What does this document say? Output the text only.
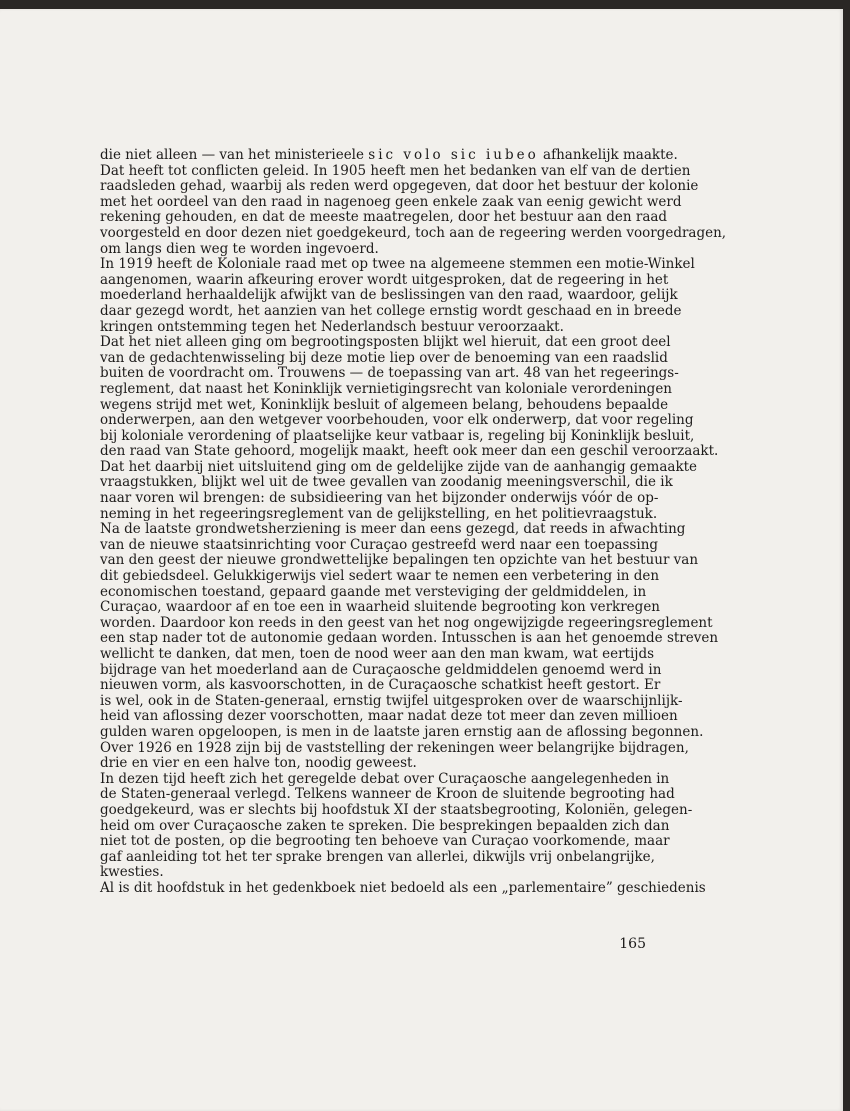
die niet alleen — van het ministerieele sic volo sic iubeo afhankelijk maakte.
Dat heeft tot conflicten geleid. In 1905 heeft men het bedanken van elf van de dertien
raadsleden gehad, waarbij als reden werd opgegeven, dat door het bestuur der kolonie
met het oordeel van den raad in nagenoeg geen enkele zaak van eenig gewicht werd
rekening gehouden, en dat de meeste maatregelen, door het bestuur aan den raad
voorgesteld en door dezen niet goedgekeurd, toch aan de regeering werden voorgedragen,
om langs dien weg te worden ingevoerd.
In 1919 heeft de Koloniale raad met op twee na algemeene stemmen een motie-Winkel
aangenomen, waarin afkeuring erover wordt uitgesproken, dat de regeering in het
moederland herhaaldelijk afwijkt van de beslissingen van den raad, waardoor, gelijk
daar gezegd wordt, het aanzien van het college ernstig wordt geschaad en in breede
kringen ontstemming tegen het Nederlandsch bestuur veroorzaakt.
Dat het niet alleen ging om begrootingsposten blijkt wel hieruit, dat een groot deel
van de gedachtenwisseling bij deze motie liep over de benoeming van een raadslid
buiten de voordracht om. Trouwens — de toepassing van art. 48 van het regeerings-
reglement, dat naast het Koninklijk vernietigingsrecht van koloniale verordeningen
wegens strijd met wet, Koninklijk besluit of algemeen belang, behoudens bepaalde
onderwerpen, aan den wetgever voorbehouden, voor elk onderwerp, dat voor regeling
bij koloniale verordening of plaatselijke keur vatbaar is, regeling bij Koninklijk besluit,
den raad van State gehoord, mogelijk maakt, heeft ook meer dan een geschil veroorzaakt.
Dat het daarbij niet uitsluitend ging om de geldelijke zijde van de aanhangig gemaakte
vraagstukken, blijkt wel uit de twee gevallen van zoodanig meeningsverschil, die ik
naar voren wil brengen: de subsidieering van het bijzonder onderwijs vóór de op-
neming in het regeeringsreglement van de gelijkstelling, en het politievraagstuk.
Na de laatste grondwetsherziening is meer dan eens gezegd, dat reeds in afwachting
van de nieuwe staatsinrichting voor Curaçao gestreefd werd naar een toepassing
van den geest der nieuwe grondwettelijke bepalingen ten opzichte van het bestuur van
dit gebiedsdeel. Gelukkigerwijs viel sedert waar te nemen een verbetering in den
economischen toestand, gepaard gaande met versteviging der geldmiddelen, in
Curaçao, waardoor af en toe een in waarheid sluitende begrooting kon verkregen
worden. Daardoor kon reeds in den geest van het nog ongewijzigde regeeringsreglement
een stap nader tot de autonomie gedaan worden. Intusschen is aan het genoemde streven
wellicht te danken, dat men, toen de nood weer aan den man kwam, wat eertijds
bijdrage van het moederland aan de Curaçaosche geldmiddelen genoemd werd in
nieuwen vorm, als kasvoorschotten, in de Curaçaosche schatkist heeft gestort. Er
is wel, ook in de Staten-generaal, ernstig twijfel uitgesproken over de waarschijnlijk-
heid van aflossing dezer voorschotten, maar nadat deze tot meer dan zeven millioen
gulden waren opgeloopen, is men in de laatste jaren ernstig aan de aflossing begonnen.
Over 1926 en 1928 zijn bij de vaststelling der rekeningen weer belangrijke bijdragen,
drie en vier en een halve ton, noodig geweest.
In dezen tijd heeft zich het geregelde debat over Curaçaosche aangelegenheden in
de Staten-generaal verlegd. Telkens wanneer de Kroon de sluitende begrooting had
goedgekeurd, was er slechts bij hoofdstuk XI der staatsbegrooting, Koloniën, gelegen-
heid om over Curaçaosche zaken te spreken. Die besprekingen bepaalden zich dan
niet tot de posten, op die begrooting ten behoeve van Curaçao voorkomende, maar
gaf aanleiding tot het ter sprake brengen van allerlei, dikwijls vrij onbelangrijke,
kwesties.
Al is dit hoofdstuk in het gedenkboek niet bedoeld als een „parlementaire” geschiedenis
165
